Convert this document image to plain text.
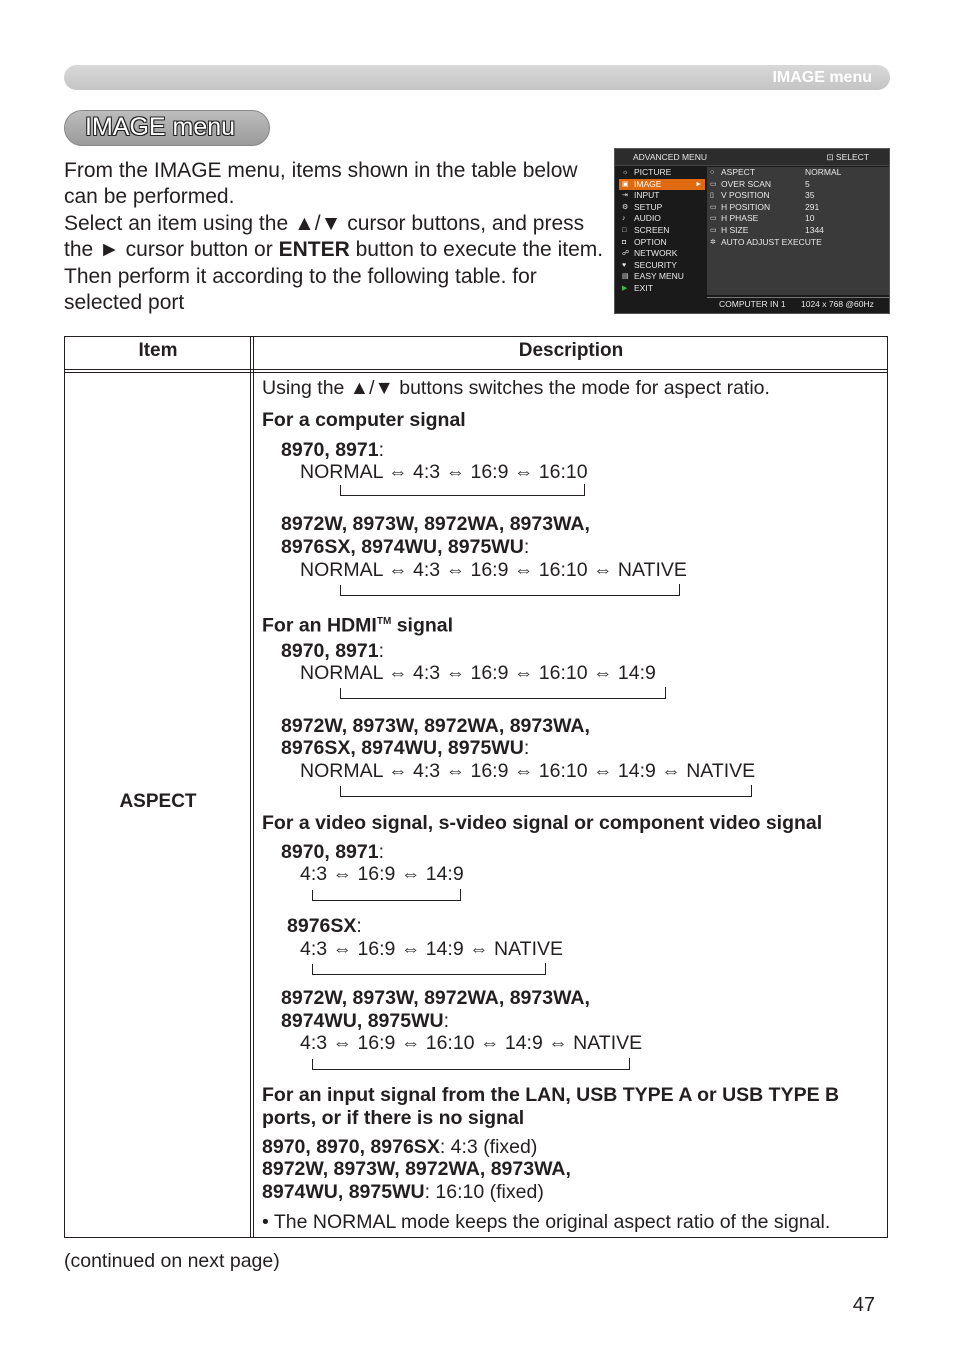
IMAGE menu
IMAGE menu

From the IMAGE menu, items shown in the table below can be performed.

Select an item using the ▲/▼ cursor buttons, and press the ► cursor button or ENTER button to execute the item. Then perform it according to the following table. for selected port

ADVANCED MENU	⊡ SELECT
☼ PICTURE
▣ IMAGE	►
⇥ INPUT
⚙ SETUP
♪ AUDIO
□ SCREEN
◘ OPTION
☍ NETWORK
♥ SECURITY
▤ EASY MENU
▶ EXIT
○ ASPECT	NORMAL
▭ OVER SCAN	5
▯ V POSITION	35
▭ H POSITION	291
▭ H PHASE	10
▭ H SIZE	1344
✲ AUTO ADJUST EXECUTE
COMPUTER IN 1 1024 x 768 @60Hz
Item	Description
ASPECT
Using the ▲/▼ buttons switches the mode for aspect ratio.
For a computer signal
8970, 8971:
NORMAL ⇔ 4:3 ⇔ 16:9 ⇔ 16:10
8972W, 8973W, 8972WA, 8973WA,
8976SX, 8974WU, 8975WU:
NORMAL ⇔ 4:3 ⇔ 16:9 ⇔ 16:10 ⇔ NATIVE
For an HDMI™ signal
8970, 8971:
NORMAL ⇔ 4:3 ⇔ 16:9 ⇔ 16:10 ⇔ 14:9
8972W, 8973W, 8972WA, 8973WA,
8976SX, 8974WU, 8975WU:
NORMAL ⇔ 4:3 ⇔ 16:9 ⇔ 16:10 ⇔ 14:9 ⇔ NATIVE
For a video signal, s-video signal or component video signal
8970, 8971:
4:3 ⇔ 16:9 ⇔ 14:9
8976SX:
4:3 ⇔ 16:9 ⇔ 14:9 ⇔ NATIVE
8972W, 8973W, 8972WA, 8973WA,
8974WU, 8975WU:
4:3 ⇔ 16:9 ⇔ 16:10 ⇔ 14:9 ⇔ NATIVE
For an input signal from the LAN, USB TYPE A or USB TYPE B
ports, or if there is no signal
8970, 8970, 8976SX: 4:3 (fixed)
8972W, 8973W, 8972WA, 8973WA,
8974WU, 8975WU: 16:10 (fixed)
• The NORMAL mode keeps the original aspect ratio of the signal.
(continued on next page)
47
